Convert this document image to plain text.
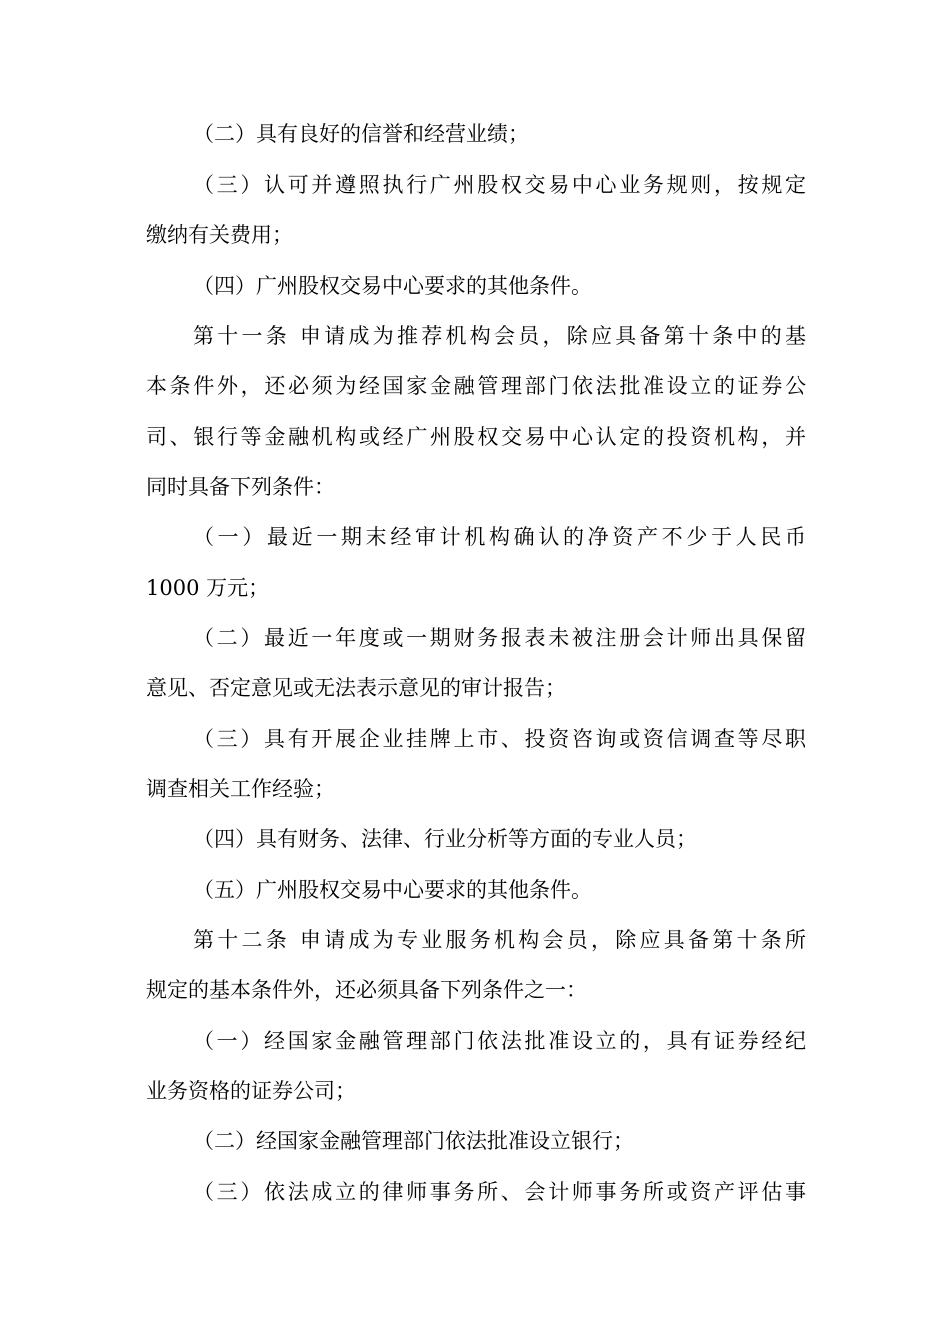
（二）具有良好的信誉和经营业绩；
（三）认可并遵照执行广州股权交易中心业务规则，按规定
缴纳有关费用；
（四）广州股权交易中心要求的其他条件。
第十一条 申请成为推荐机构会员，除应具备第十条中的基
本条件外，还必须为经国家金融管理部门依法批准设立的证券公
司、银行等金融机构或经广州股权交易中心认定的投资机构，并
同时具备下列条件：
（一）最近一期末经审计机构确认的净资产不少于人民币
1000 万元；
（二）最近一年度或一期财务报表未被注册会计师出具保留
意见、否定意见或无法表示意见的审计报告；
（三）具有开展企业挂牌上市、投资咨询或资信调查等尽职
调查相关工作经验；
（四）具有财务、法律、行业分析等方面的专业人员；
（五）广州股权交易中心要求的其他条件。
第十二条 申请成为专业服务机构会员，除应具备第十条所
规定的基本条件外，还必须具备下列条件之一：
（一）经国家金融管理部门依法批准设立的，具有证券经纪
业务资格的证券公司；
（二）经国家金融管理部门依法批准设立银行；
（三）依法成立的律师事务所、会计师事务所或资产评估事
